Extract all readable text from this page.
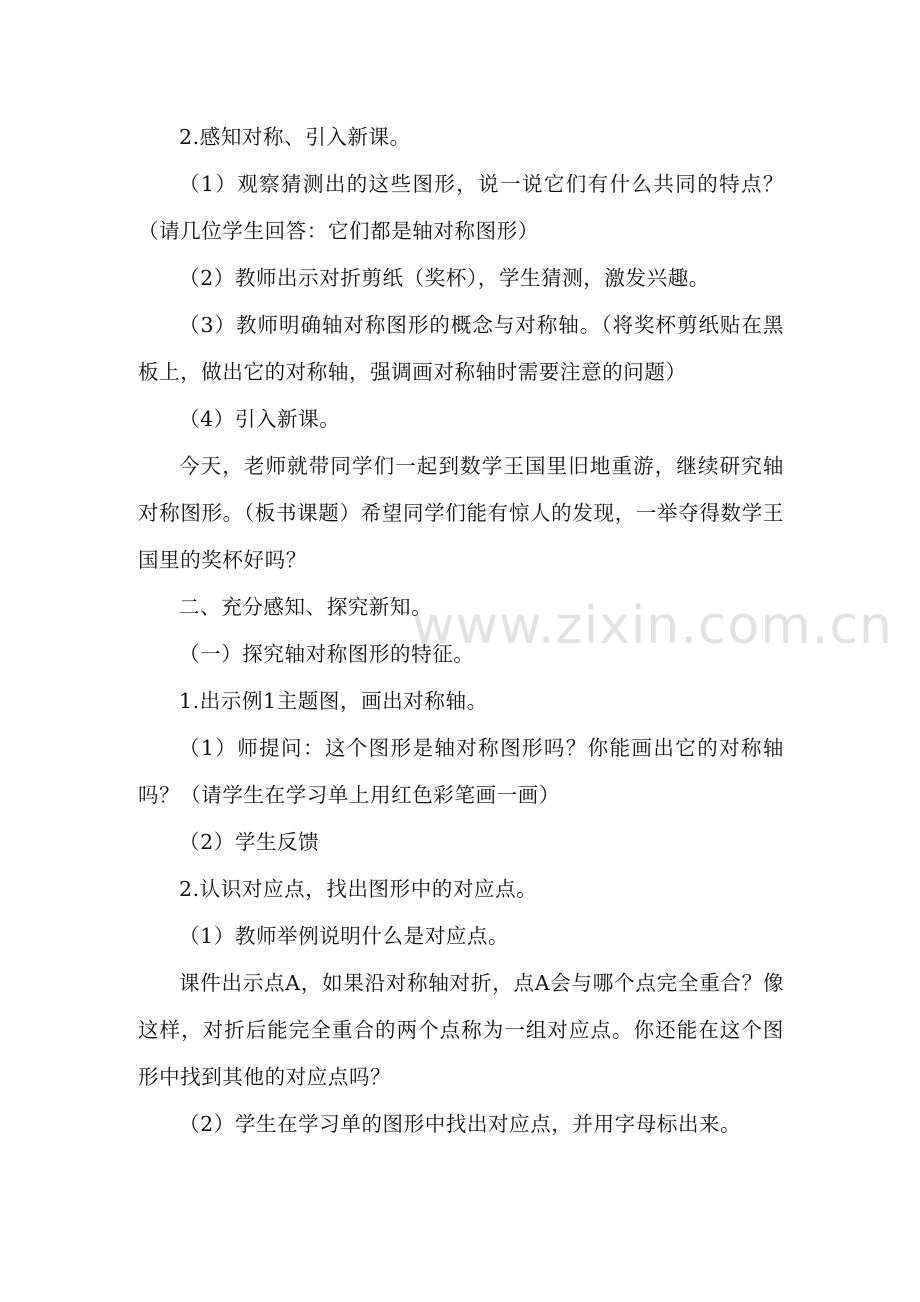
www.zixin.com.cn

2.感知对称、引入新课。

（1）观察猜测出的这些图形，说一说它们有什么共同的特点？（请几位学生回答：它们都是轴对称图形）

（2）教师出示对折剪纸（奖杯），学生猜测，激发兴趣。

（3）教师明确轴对称图形的概念与对称轴。（将奖杯剪纸贴在黑板上，做出它的对称轴，强调画对称轴时需要注意的问题）

（4）引入新课。

今天，老师就带同学们一起到数学王国里旧地重游，继续研究轴对称图形。（板书课题）希望同学们能有惊人的发现，一举夺得数学王国里的奖杯好吗？

二、充分感知、探究新知。

（一）探究轴对称图形的特征。

1.出示例1主题图，画出对称轴。

（1）师提问：这个图形是轴对称图形吗？你能画出它的对称轴吗？（请学生在学习单上用红色彩笔画一画）

（2）学生反馈

2.认识对应点，找出图形中的对应点。

（1）教师举例说明什么是对应点。

课件出示点A，如果沿对称轴对折，点A会与哪个点完全重合？像这样，对折后能完全重合的两个点称为一组对应点。你还能在这个图形中找到其他的对应点吗？

（2）学生在学习单的图形中找出对应点，并用字母标出来。
